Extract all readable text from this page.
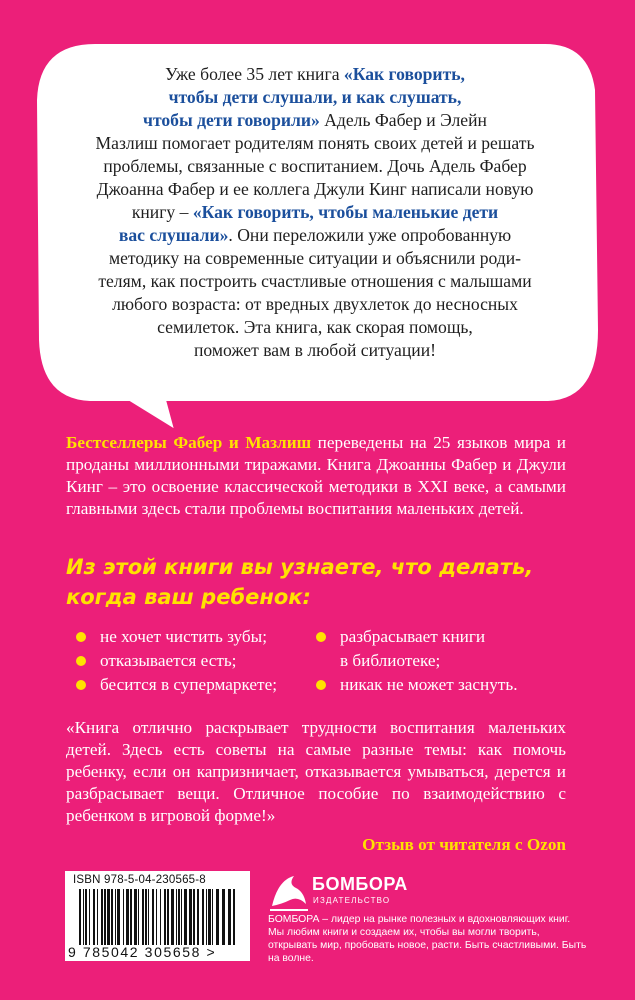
Уже более 35 лет книга «Как говорить,
чтобы дети слушали, и как слушать,
чтобы дети говорили» Адель Фабер и Элейн
Мазлиш помогает родителям понять своих детей и решать
проблемы, связанные с воспитанием. Дочь Адель Фабер
Джоанна Фабер и ее коллега Джули Кинг написали новую
книгу – «Как говорить, чтобы маленькие дети
вас слушали». Они переложили уже опробованную
методику на современные ситуации и объяснили роди-
телям, как построить счастливые отношения с малышами
любого возраста: от вредных двухлеток до несносных
семилеток. Эта книга, как скорая помощь,
поможет вам в любой ситуации!
Бестселлеры Фабер и Мазлиш переведены на 25 языков мира и проданы миллионными тиражами. Книга Джоанны Фабер и Джули Кинг – это освоение классической методики в XXI веке, а самыми главными здесь стали проблемы воспитания маленьких детей.
Из этой книги вы узнаете, что делать,
когда ваш ребенок:
не хочет чистить зубы;
отказывается есть;
бесится в супермаркете;
разбрасывает книги
в библиотеке;
никак не может заснуть.
«Книга отлично раскрывает трудности воспитания маленьких детей. Здесь есть советы на самые разные темы: как помочь ребенку, если он капризничает, отказывается умываться, дерется и разбрасывает вещи. Отличное пособие по взаимодействию с ребенком в игровой форме!»
Отзыв от читателя с Ozon
ISBN 978-5-04-230565-8
9 785042 305658 >
БОМБОРА
ИЗДАТЕЛЬСТВО
БОМБОРА – лидер на рынке полезных и вдохновляющих книг. Мы любим книги и создаем их, чтобы вы могли творить, открывать мир, пробовать новое, расти. Быть счастливыми. Быть на волне.
